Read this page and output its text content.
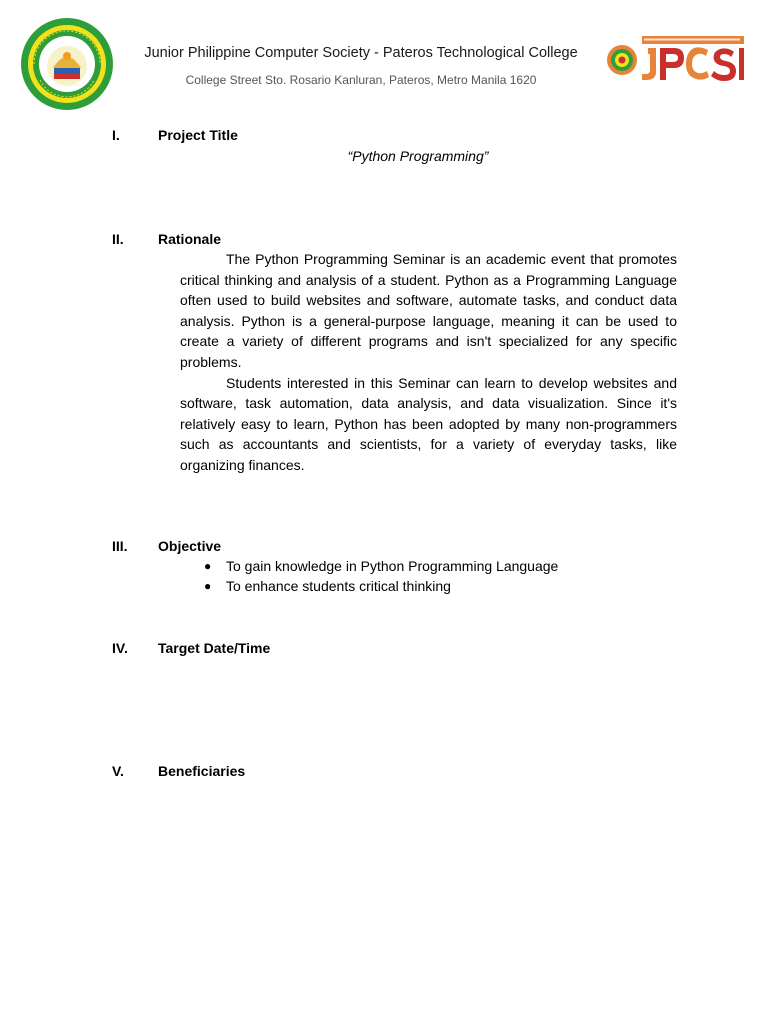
Junior Philippine Computer Society - Pateros Technological College
College Street Sto. Rosario Kanluran, Pateros, Metro Manila 1620
I.	Project Title
“Python Programming”
II. Rationale

The Python Programming Seminar is an academic event that promotes critical thinking and analysis of a student. Python as a Programming Language often used to build websites and software, automate tasks, and conduct data analysis. Python is a general-purpose language, meaning it can be used to create a variety of different programs and isn't specialized for any specific problems.

Students interested in this Seminar can learn to develop websites and software, task automation, data analysis, and data visualization. Since it's relatively easy to learn, Python has been adopted by many non-programmers such as accountants and scientists, for a variety of everyday tasks, like organizing finances.

III. Objective
● To gain knowledge in Python Programming Language
● To enhance students critical thinking
IV. Target Date/Time
V. Beneficiaries
